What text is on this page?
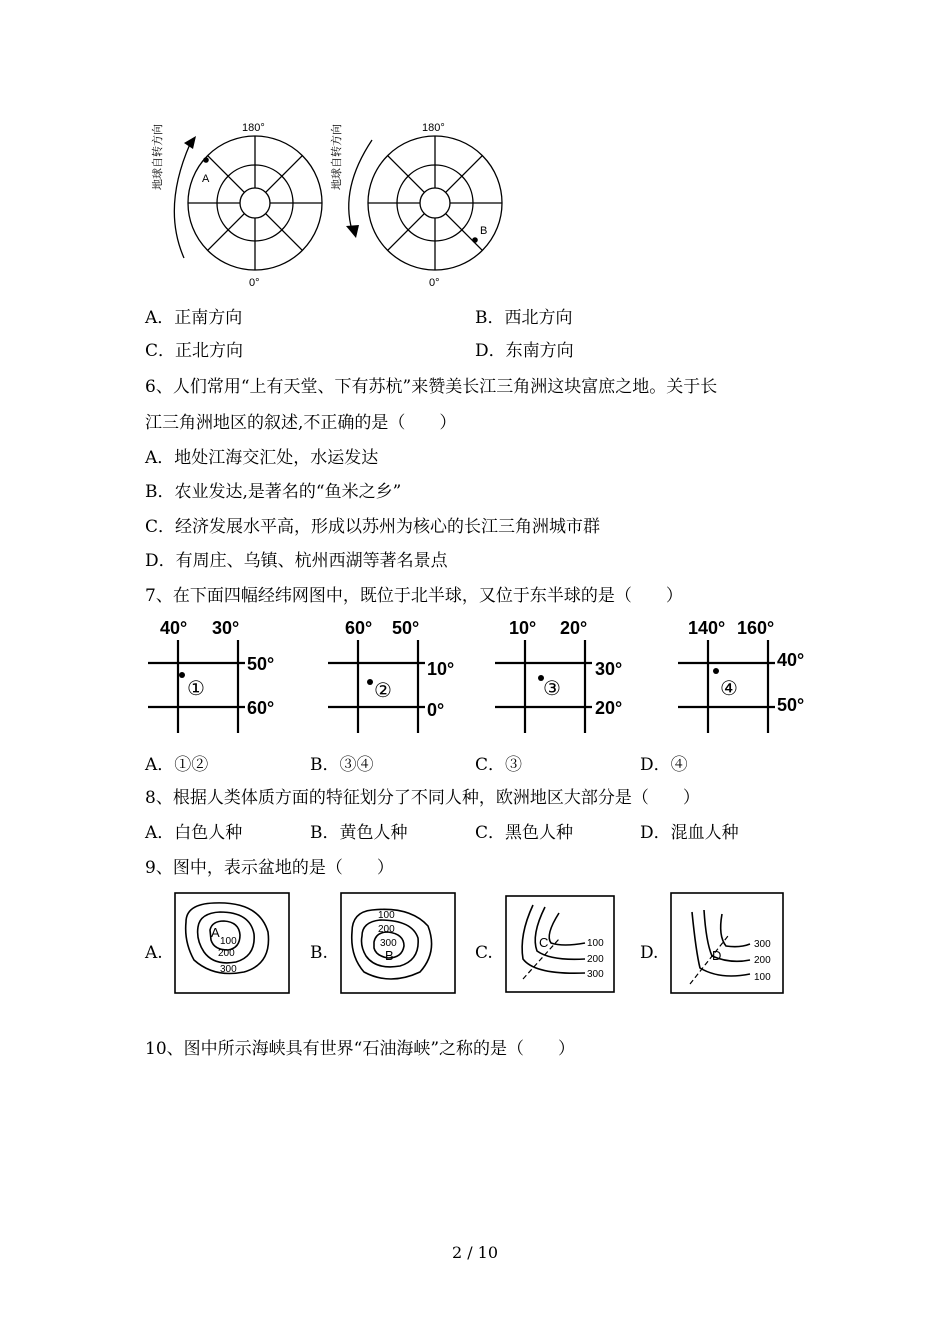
A
180°
0°
地球自转方向
B
180°
0°
地球自转方向
A．正南方向	B．西北方向
C．正北方向	D．东南方向
6、人们常用“上有天堂、下有苏杭”来赞美长江三角洲这块富庶之地。关于长
江三角洲地区的叙述,不正确的是（　　）
A．地处江海交汇处，水运发达
B．农业发达,是著名的“鱼米之乡”
C．经济发展水平高，形成以苏州为核心的长江三角洲城市群
D．有周庄、乌镇、杭州西湖等著名景点
7、在下面四幅经纬网图中，既位于北半球，又位于东半球的是（　　）
40° 30°
50°
60°
①
60° 50°
10°
0°
②
10° 20°
30°
20°
③
140° 160°
40°
50°
④
A．①②	B．③④	C．③	D．④
8、根据人类体质方面的特征划分了不同人种，欧洲地区大部分是（　　）
A．白色人种	B．黄色人种	C．黑色人种	D．混血人种
9、图中，表示盆地的是（　　）
A.
A
100
200
300
B.
100
200
300
B	C.
C	100
200
300
D.	D
300
200
100
10、图中所示海峡具有世界“石油海峡”之称的是（　　）
2 / 10
